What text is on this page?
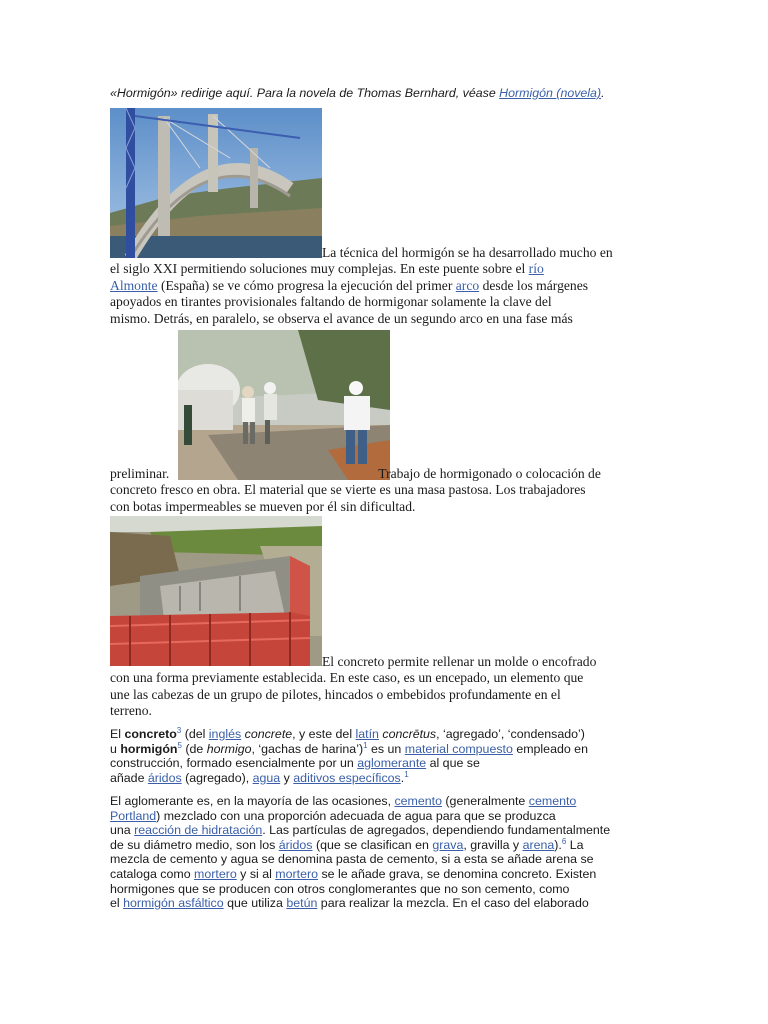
«Hormigón» redirige aquí. Para la novela de Thomas Bernhard, véase Hormigón (novela).
La técnica del hormigón se ha desarrollado mucho en
el siglo XXI permitiendo soluciones muy complejas. En este puente sobre el río
Almonte (España) se ve cómo progresa la ejecución del primer arco desde los márgenes
apoyados en tirantes provisionales faltando de hormigonar solamente la clave del
mismo. Detrás, en paralelo, se observa el avance de un segundo arco en una fase más
preliminar.	Trabajo de hormigonado o colocación de
concreto fresco en obra. El material que se vierte es una masa pastosa. Los trabajadores
con botas impermeables se mueven por él sin dificultad.
El concreto permite rellenar un molde o encofrado
con una forma previamente establecida. En este caso, es un encepado, un elemento que
une las cabezas de un grupo de pilotes, hincados o embebidos profundamente en el
terreno.
El concreto$^3$ (del inglés concrete, y este del latín concrētus, ‘agregado’, ‘condensado’)
u hormigón$^5$ (de hormigo, ‘gachas de harina’)$^1$ es un material compuesto empleado en
construcción, formado esencialmente por un aglomerante al que se
añade áridos (agregado), agua y aditivos específicos.$^1$
El aglomerante es, en la mayoría de las ocasiones, cemento (generalmente cemento
Portland) mezclado con una proporción adecuada de agua para que se produzca
una reacción de hidratación. Las partículas de agregados, dependiendo fundamentalmente
de su diámetro medio, son los áridos (que se clasifican en grava, gravilla y arena).$^6$ La
mezcla de cemento y agua se denomina pasta de cemento, si a esta se añade arena se
cataloga como mortero y si al mortero se le añade grava, se denomina concreto. Existen
hormigones que se producen con otros conglomerantes que no son cemento, como
el hormigón asfáltico que utiliza betún para realizar la mezcla. En el caso del elaborado
